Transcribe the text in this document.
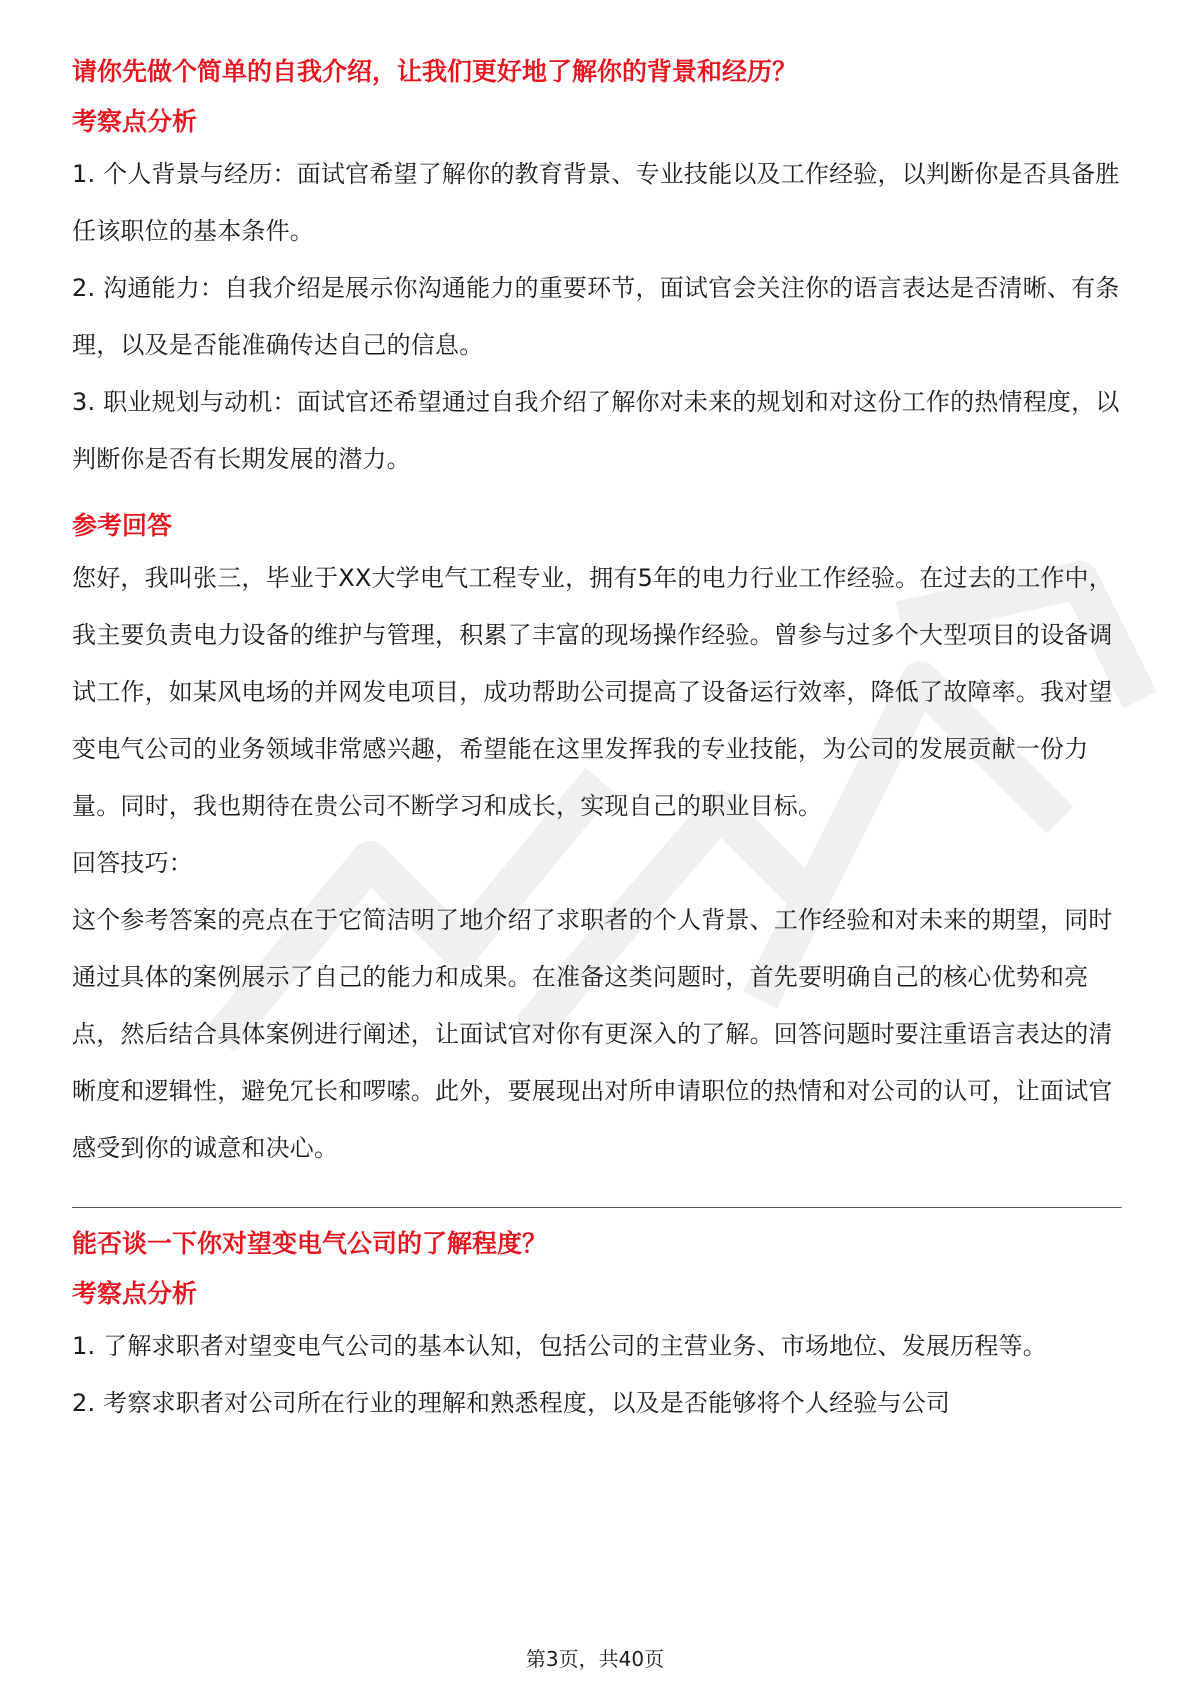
请你先做个简单的自我介绍，让我们更好地了解你的背景和经历？
考察点分析

1. 个人背景与经历：面试官希望了解你的教育背景、专业技能以及工作经验，以判断你是否具备胜任该职位的基本条件。

2. 沟通能力：自我介绍是展示你沟通能力的重要环节，面试官会关注你的语言表达是否清晰、有条理，以及是否能准确传达自己的信息。

3. 职业规划与动机：面试官还希望通过自我介绍了解你对未来的规划和对这份工作的热情程度，以判断你是否有长期发展的潜力。

参考回答

您好，我叫张三，毕业于XX大学电气工程专业，拥有5年的电力行业工作经验。在过去的工作中，我主要负责电力设备的维护与管理，积累了丰富的现场操作经验。曾参与过多个大型项目的设备调试工作，如某风电场的并网发电项目，成功帮助公司提高了设备运行效率，降低了故障率。我对望变电气公司的业务领域非常感兴趣，希望能在这里发挥我的专业技能，为公司的发展贡献一份力量。同时，我也期待在贵公司不断学习和成长，实现自己的职业目标。

回答技巧：

这个参考答案的亮点在于它简洁明了地介绍了求职者的个人背景、工作经验和对未来的期望，同时通过具体的案例展示了自己的能力和成果。在准备这类问题时，首先要明确自己的核心优势和亮点，然后结合具体案例进行阐述，让面试官对你有更深入的了解。回答问题时要注重语言表达的清晰度和逻辑性，避免冗长和啰嗦。此外，要展现出对所申请职位的热情和对公司的认可，让面试官感受到你的诚意和决心。

能否谈一下你对望变电气公司的了解程度？
考察点分析

1. 了解求职者对望变电气公司的基本认知，包括公司的主营业务、市场地位、发展历程等。

2. 考察求职者对公司所在行业的理解和熟悉程度，以及是否能够将个人经验与公司

第3页，共40页
